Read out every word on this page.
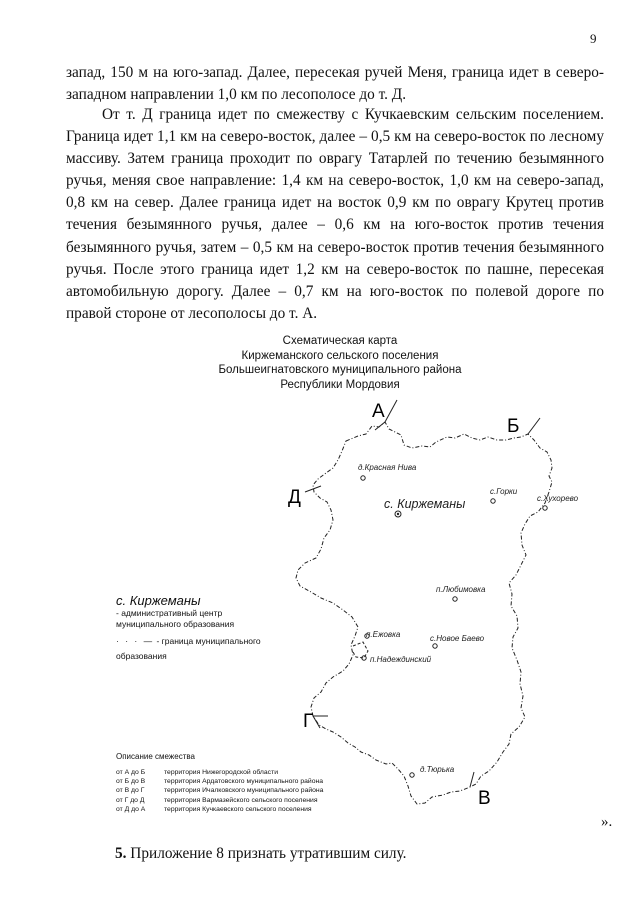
9

запад, 150 м на юго-запад. Далее, пересекая ручей Меня, граница идет в северо-западном направлении 1,0 км по лесополосе до т. Д.

От т. Д граница идет по смежеству с Кучкаевским сельским поселением. Граница идет 1,1 км на северо-восток, далее – 0,5 км на северо-восток по лесному массиву. Затем граница проходит по оврагу Татарлей по течению безымянного ручья, меняя свое направление: 1,4 км на северо-восток, 1,0 км на северо-запад, 0,8 км на север. Далее граница идет на восток 0,9 км по оврагу Крутец против течения безымянного ручья, далее – 0,6 км на юго-восток против течения безымянного ручья, затем – 0,5 км на северо-восток против течения безымянного ручья. После этого граница идет 1,2 км на северо-восток по пашне, пересекая автомобильную дорогу. Далее – 0,7 км на юго-восток по полевой дороге по правой стороне от лесополосы до т. А.

Схематическая карта
Киржеманского сельского поселения
Большеигнатовского муниципального района
Республики Мордовия
А
Б
В
Г
Д
д.Красная Нива
с. Киржеманы
с.Горки
с.Хухорево
п.Любимовка
п.Ежовка	с.Новое Баево
п.Надеждинский
д.Тюрька
с. Киржеманы
- административный центр
муниципального образования
· · · — - граница муниципального
образования
Описание смежества
от А до Б	территория Нижегородской области
от Б до В	территория Ардатовского муниципального района
от В до Г	территория Ичалковского муниципального района
от Г до Д	территория Вармазейского сельского поселения
от Д до А	территория Кучкаевского сельского поселения
».
5. Приложение 8 признать утратившим силу.
